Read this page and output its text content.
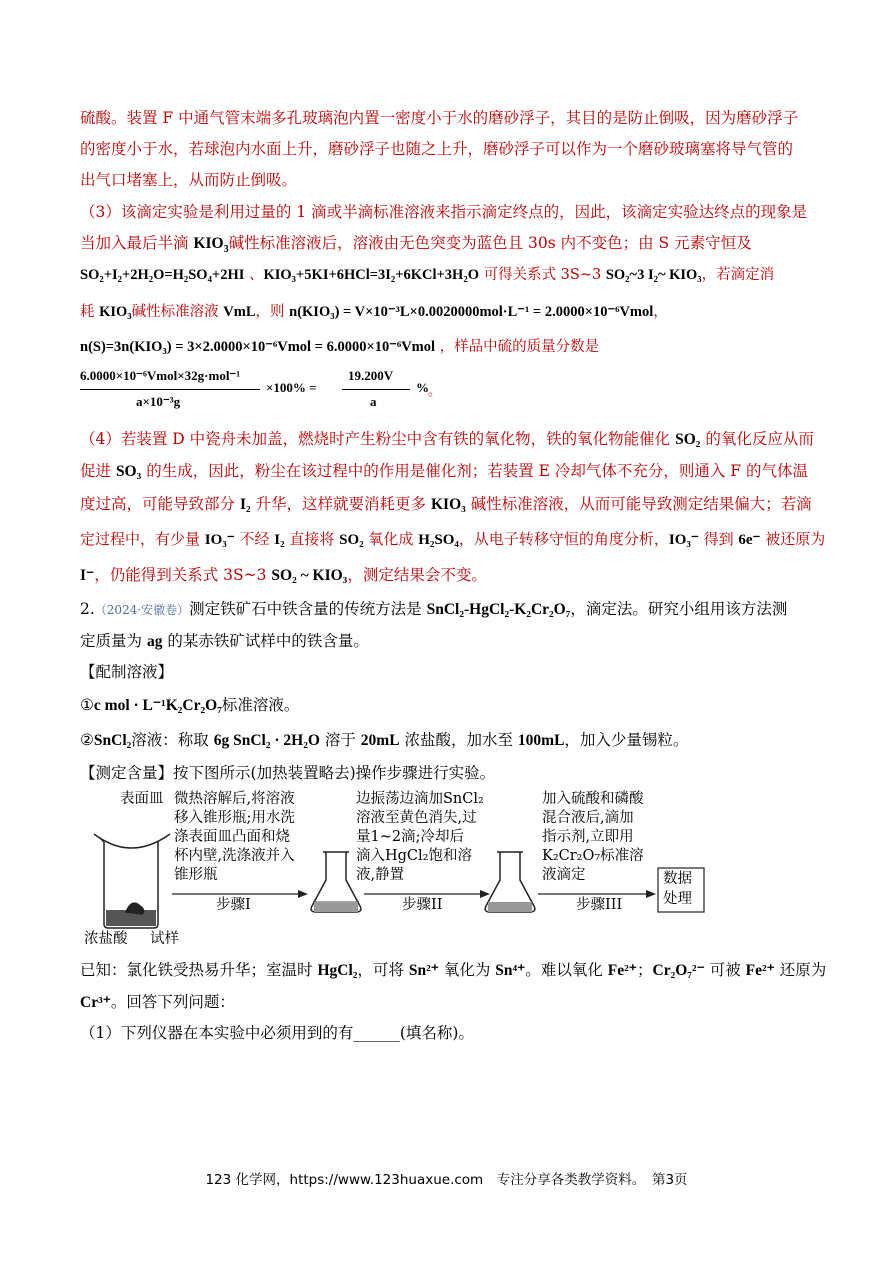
硫酸。装置 F 中通气管末端多孔玻璃泡内置一密度小于水的磨砂浮子，其目的是防止倒吸，因为磨砂浮子
的密度小于水，若球泡内水面上升，磨砂浮子也随之上升，磨砂浮子可以作为一个磨砂玻璃塞将导气管的
出气口堵塞上，从而防止倒吸。
（3）该滴定实验是利用过量的 1 滴或半滴标准溶液来指示滴定终点的，因此，该滴定实验达终点的现象是
当加入最后半滴 $KIO_3$碱性标准溶液后，溶液由无色突变为蓝色且 30s 内不变色；由 S 元素守恒及
SO₂+I₂+2H₂O=H₂SO₄+2HI 、KIO₃+5KI+6HCl=3I₂+6KCl+3H₂O 可得关系式 3S~3 SO₂~3 I₂~ KIO₃，若滴定消
耗 KIO₃碱性标准溶液 VmL，则 n(KIO₃) = V×10⁻³L×0.0020000mol·L⁻¹ = 2.0000×10⁻⁶Vmol，
n(S)=3n(KIO₃) = 3×2.0000×10⁻⁶Vmol = 6.0000×10⁻⁶Vmol ，样品中硫的质量分数是
6.0000×10⁻⁶Vmol×32g·mol⁻¹
a×10⁻³g
×100% =
19.200V
a
% 。
（4）若装置 D 中瓷舟未加盖，燃烧时产生粉尘中含有铁的氧化物，铁的氧化物能催化 SO₂ 的氧化反应从而
促进 SO₃ 的生成，因此，粉尘在该过程中的作用是催化剂；若装置 E 冷却气体不充分，则通入 F 的气体温
度过高，可能导致部分 I₂ 升华，这样就要消耗更多 KIO₃ 碱性标准溶液，从而可能导致测定结果偏大；若滴
定过程中，有少量 IO₃⁻ 不经 I₂ 直接将 SO₂ 氧化成 H₂SO₄，从电子转移守恒的角度分析，IO₃⁻ 得到 6e⁻ 被还原为
I⁻，仍能得到关系式 3S~3 SO₂ ~ KIO₃，测定结果会不变。
2.（2024·安徽卷）测定铁矿石中铁含量的传统方法是 SnCl₂-HgCl₂-K₂Cr₂O₇，滴定法。研究小组用该方法测
定质量为 ag 的某赤铁矿试样中的铁含量。
【配制溶液】
①c mol · L⁻¹K₂Cr₂O₇标准溶液。
②SnCl₂溶液：称取 6g SnCl₂ · 2H₂O 溶于 20mL 浓盐酸，加水至 100mL，加入少量锡粒。
【测定含量】按下图所示(加热装置略去)操作步骤进行实验。
表面皿 微热溶解后,将溶液
移入锥形瓶;用水洗
涤表面皿凸面和烧
杯内壁,洗涤液并入
锥形瓶
步骤I
边振荡边滴加SnCl₂
溶液至黄色消失,过
量1~2滴;冷却后
滴入HgCl₂饱和溶
液,静置
步骤II
加入硫酸和磷酸
混合液后,滴加
指示剂,立即用
K₂Cr₂O₇标准溶
液滴定
步骤III
数据
处理
浓盐酸 试样
已知：氯化铁受热易升华；室温时 HgCl₂，可将 Sn²⁺ 氧化为 Sn⁴⁺。难以氧化 Fe²⁺；Cr₂O₇²⁻ 可被 Fe²⁺ 还原为
Cr³⁺。回答下列问题：
（1）下列仪器在本实验中必须用到的有______(填名称)。
123 化学网，https://www.123huaxue.com　专注分享各类教学资料。　第3页
